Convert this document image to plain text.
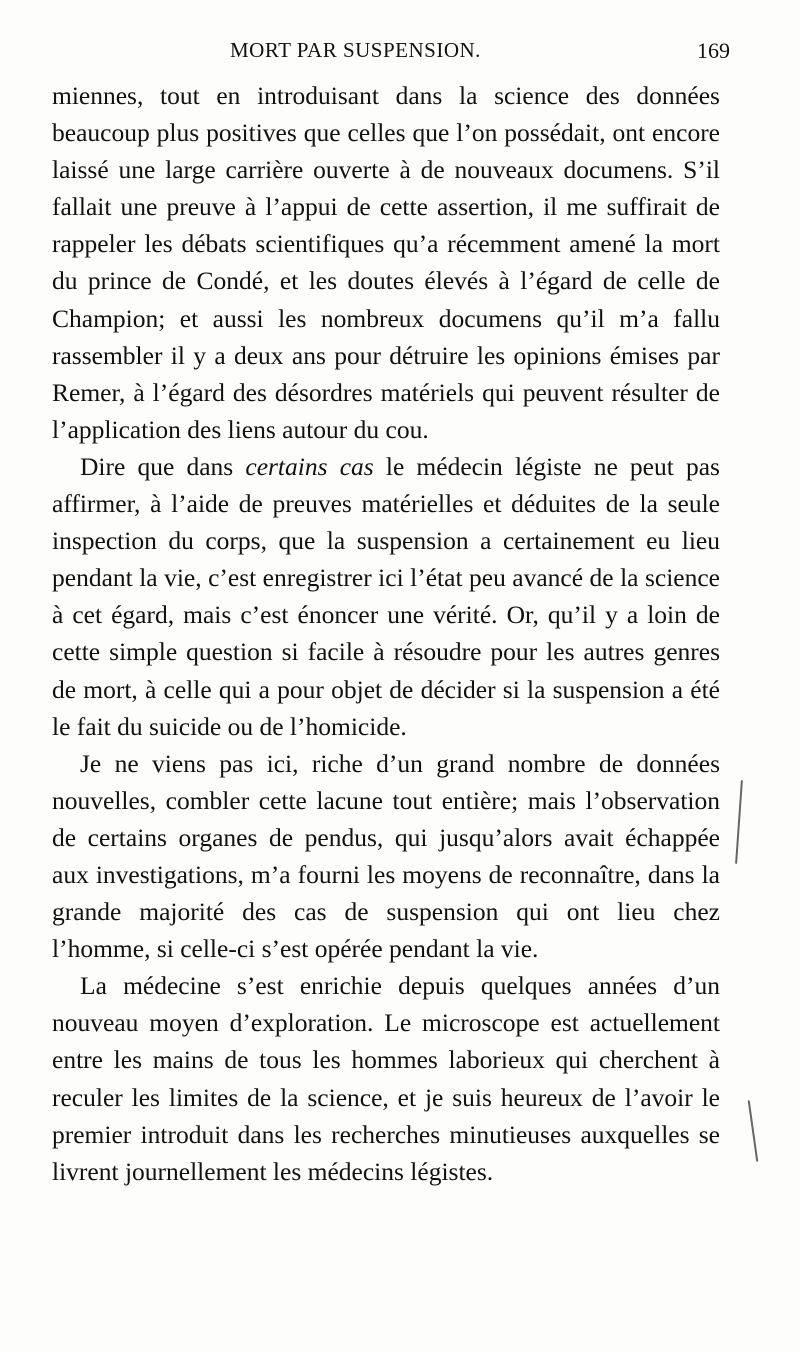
MORT PAR SUSPENSION.	169

miennes, tout en introduisant dans la science des données beaucoup plus positives que celles que l’on possédait, ont encore laissé une large carrière ouverte à de nouveaux documens. S’il fallait une preuve à l’appui de cette assertion, il me suffirait de rappeler les débats scientifiques qu’a récemment amené la mort du prince de Condé, et les doutes élevés à l’égard de celle de Champion; et aussi les nombreux documens qu’il m’a fallu rassembler il y a deux ans pour détruire les opinions émises par Remer, à l’égard des désordres matériels qui peuvent résulter de l’application des liens autour du cou.

Dire que dans certains cas le médecin légiste ne peut pas affirmer, à l’aide de preuves matérielles et déduites de la seule inspection du corps, que la suspension a certainement eu lieu pendant la vie, c’est enregistrer ici l’état peu avancé de la science à cet égard, mais c’est énoncer une vérité. Or, qu’il y a loin de cette simple question si facile à résoudre pour les autres genres de mort, à celle qui a pour objet de décider si la suspension a été le fait du suicide ou de l’homicide.

Je ne viens pas ici, riche d’un grand nombre de données nouvelles, combler cette lacune tout entière; mais l’observation de certains organes de pendus, qui jusqu’alors avait échappée aux investigations, m’a fourni les moyens de reconnaître, dans la grande majorité des cas de suspension qui ont lieu chez l’homme, si celle-ci s’est opérée pendant la vie.

La médecine s’est enrichie depuis quelques années d’un nouveau moyen d’exploration. Le microscope est actuellement entre les mains de tous les hommes laborieux qui cherchent à reculer les limites de la science, et je suis heureux de l’avoir le premier introduit dans les recherches minutieuses auxquelles se livrent journellement les médecins légistes.
